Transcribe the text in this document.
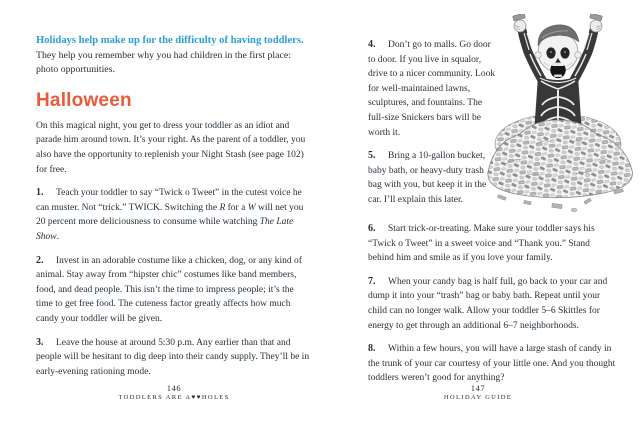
Holidays help make up for the difficulty of having toddlers. They help you remember why you had children in the first place: photo opportunities.

Halloween

On this magical night, you get to dress your toddler as an idiot and parade him around town. It’s your right. As the parent of a toddler, you also have the opportunity to replenish your Night Stash (see page 102) for free.

1. Teach your toddler to say “Twick o Tweet” in the cutest voice he can muster. Not “trick.” TWICK. Switching the R for a W will net you 20 percent more deliciousness to consume while watching The Late Show.

2. Invest in an adorable costume like a chicken, dog, or any kind of animal. Stay away from “hipster chic” costumes like band members, food, and dead people. This isn’t the time to impress people; it’s the time to get free food. The cuteness factor greatly affects how much candy your toddler will be given.

3. Leave the house at around 5:30 p.m. Any earlier than that and people will be hesitant to dig deep into their candy supply. They’ll be in early-evening rationing mode.

4. Don’t go to malls. Go door to door. If you live in squalor, drive to a nicer community. Look for well-maintained lawns, sculptures, and fountains. The full-size Snickers bars will be worth it.

5. Bring a 10-gallon bucket, baby bath, or heavy-duty trash bag with you, but keep it in the car. I’ll explain this later.

6. Start trick-or-treating. Make sure your toddler says his “Twick o Tweet” in a sweet voice and “Thank you.” Stand behind him and smile as if you love your family.

7. When your candy bag is half full, go back to your car and dump it into your “trash” bag or baby bath. Repeat until your child can no longer walk. Allow your toddler 5–6 Skittles for energy to get through an additional 6–7 neighborhoods.

8. Within a few hours, you will have a large stash of candy in the trunk of your car courtesy of your little one. And you thought toddlers weren’t good for anything?

146
TODDLERS ARE A♥♥HOLES
147
HOLIDAY GUIDE
